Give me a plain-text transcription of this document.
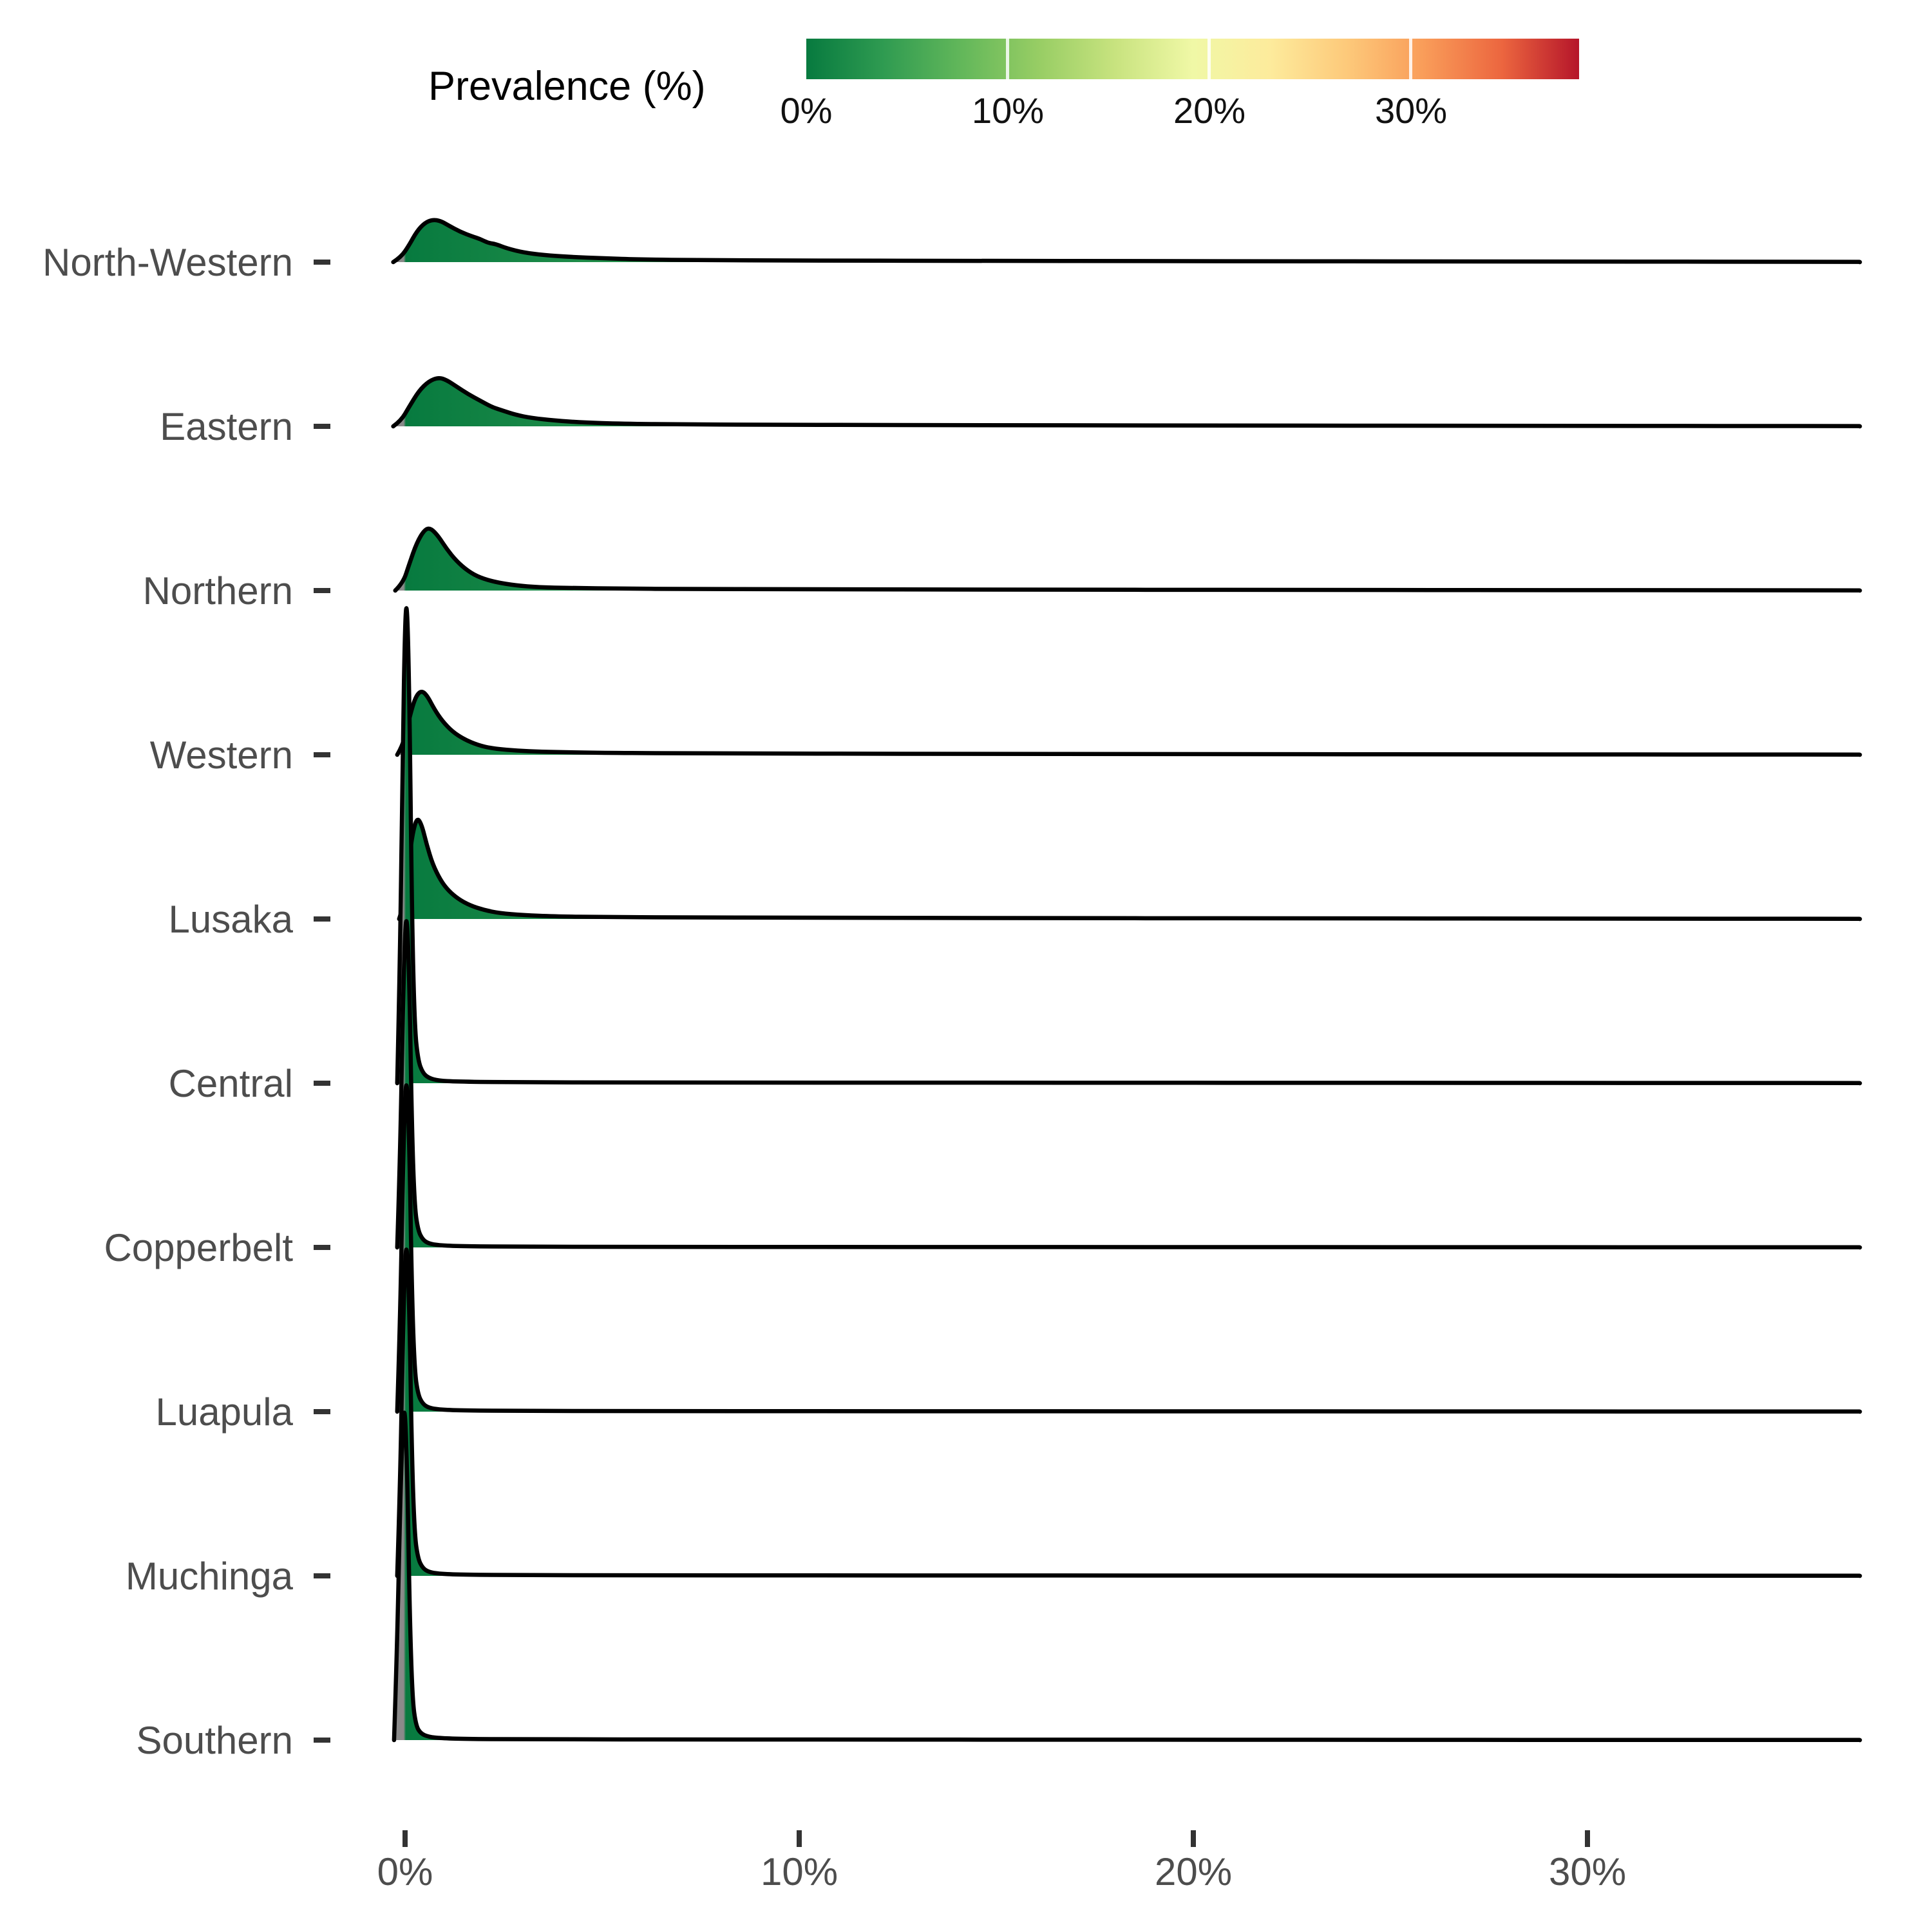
Prevalence (%)
0%	10%	20%	30%
North-Western
Eastern
Northern
Western
Lusaka
Central
Copperbelt
Luapula
Muchinga
Southern
0%	10%	20%	30%
